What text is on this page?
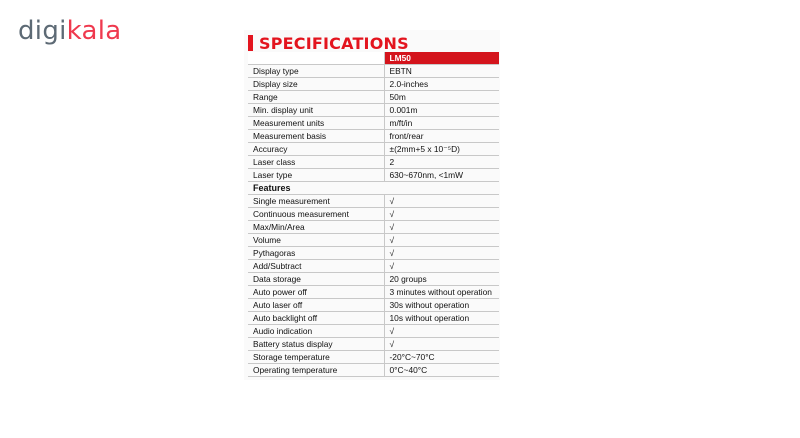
digikala	SPECIFICATIONS
	LM50
Display type	EBTN
Display size	2.0-inches
Range	50m
Min. display unit	0.001m
Measurement units	m/ft/in
Measurement basis	front/rear
Accuracy	±(2mm+5 x 10⁻⁵D)
Laser class	2
Laser type	630~670nm, <1mW
Features	
Single measurement	√
Continuous measurement	√
Max/Min/Area	√
Volume	√
Pythagoras	√
Add/Subtract	√
Data storage	20 groups
Auto power off	3 minutes without operation
Auto laser off	30s without operation
Auto backlight off	10s without operation
Audio indication	√
Battery status display	√
Storage temperature	-20°C~70°C
Operating temperature	0°C~40°C
